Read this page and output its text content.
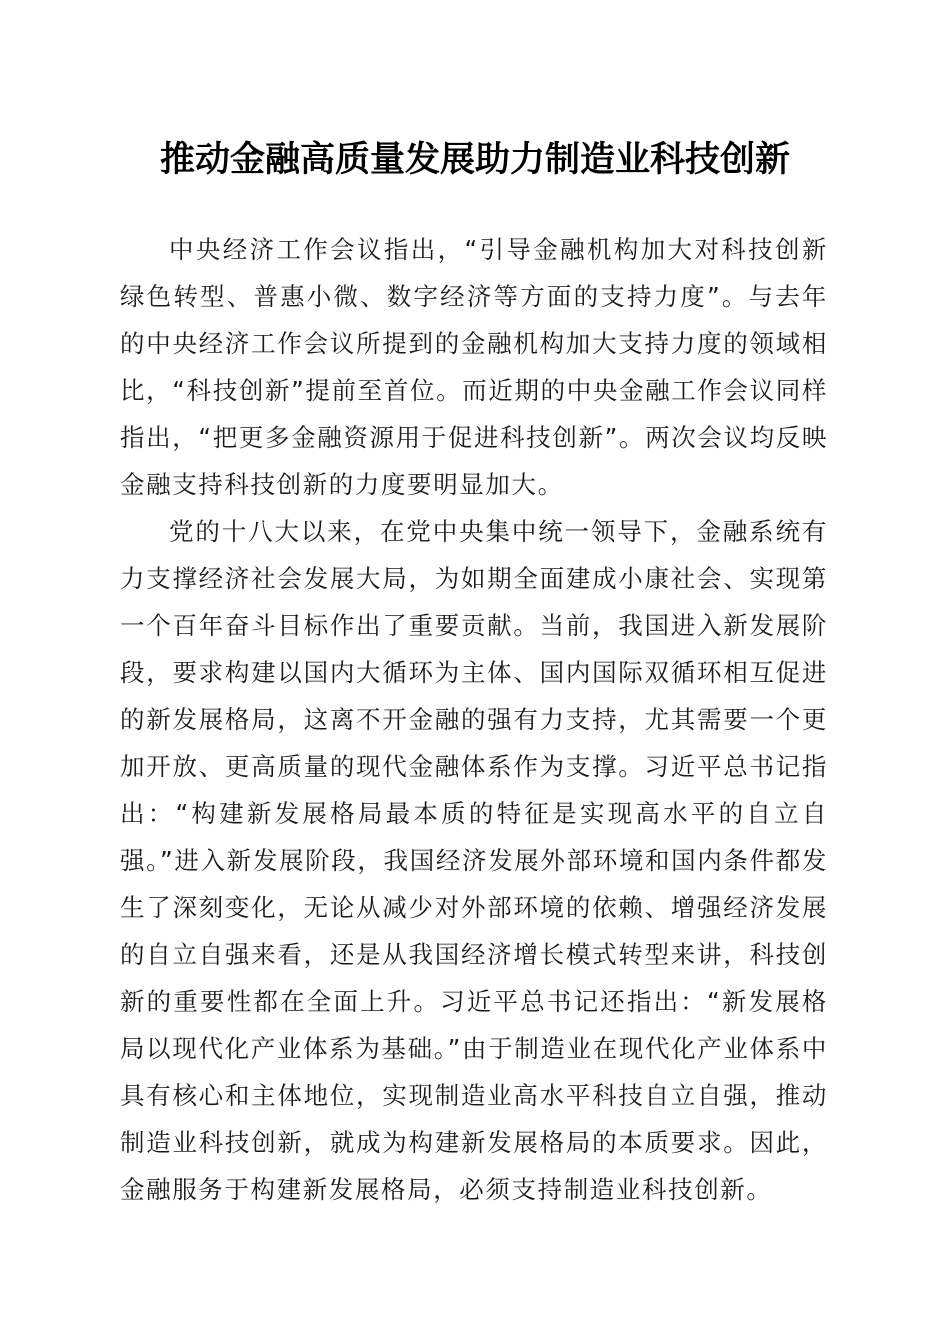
推动金融高质量发展助力制造业科技创新

中央经济工作会议指出，“引导金融机构加大对科技创新绿色转型、普惠小微、数字经济等方面的支持力度”。与去年的中央经济工作会议所提到的金融机构加大支持力度的领域相比，“科技创新”提前至首位。而近期的中央金融工作会议同样指出，“把更多金融资源用于促进科技创新”。两次会议均反映金融支持科技创新的力度要明显加大。

党的十八大以来，在党中央集中统一领导下，金融系统有力支撑经济社会发展大局，为如期全面建成小康社会、实现第一个百年奋斗目标作出了重要贡献。当前，我国进入新发展阶段，要求构建以国内大循环为主体、国内国际双循环相互促进的新发展格局，这离不开金融的强有力支持，尤其需要一个更加开放、更高质量的现代金融体系作为支撑。习近平总书记指出：“构建新发展格局最本质的特征是实现高水平的自立自强。”进入新发展阶段，我国经济发展外部环境和国内条件都发生了深刻变化，无论从减少对外部环境的依赖、增强经济发展的自立自强来看，还是从我国经济增长模式转型来讲，科技创新的重要性都在全面上升。习近平总书记还指出：“新发展格局以现代化产业体系为基础。”由于制造业在现代化产业体系中具有核心和主体地位，实现制造业高水平科技自立自强，推动制造业科技创新，就成为构建新发展格局的本质要求。因此，金融服务于构建新发展格局，必须支持制造业科技创新。
